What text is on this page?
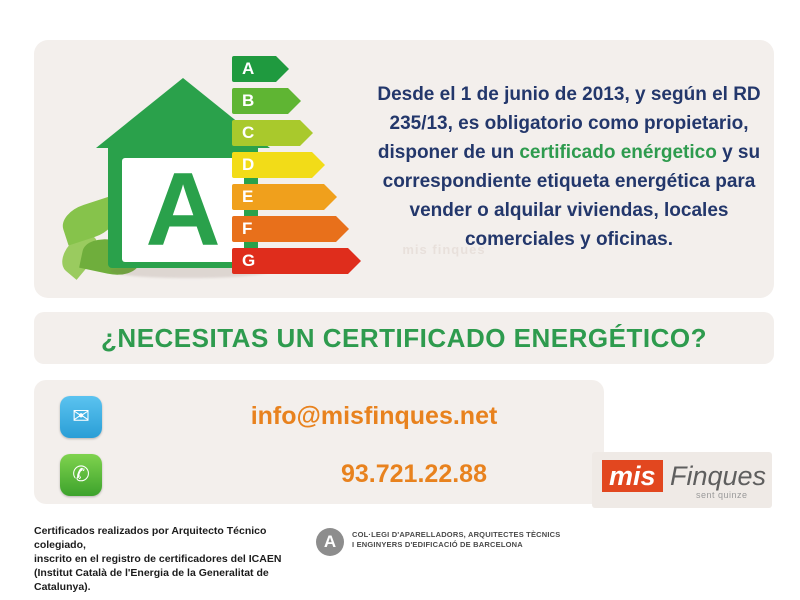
mis finques
A
A
B
C
D
E
F
G
Desde el 1 de junio de 2013, y según el RD 235/13, es obligatorio como propietario, disponer de un certificado enérgetico y su correspondiente etiqueta energética para vender o alquilar viviendas, locales comerciales y oficinas.
¿NECESITAS UN CERTIFICADO ENERGÉTICO?
✉
✆
info@misfinques.net
93.721.22.88	mis Finques
sent quinze
Certificados realizados por Arquitecto Técnico colegiado,
inscrito en el registro de certificadores del ICAEN
(Institut Català de l'Energia de la Generalitat de Catalunya).
A	COL·LEGI D'APARELLADORS, ARQUITECTES TÈCNICS
I ENGINYERS D'EDIFICACIÓ DE BARCELONA
